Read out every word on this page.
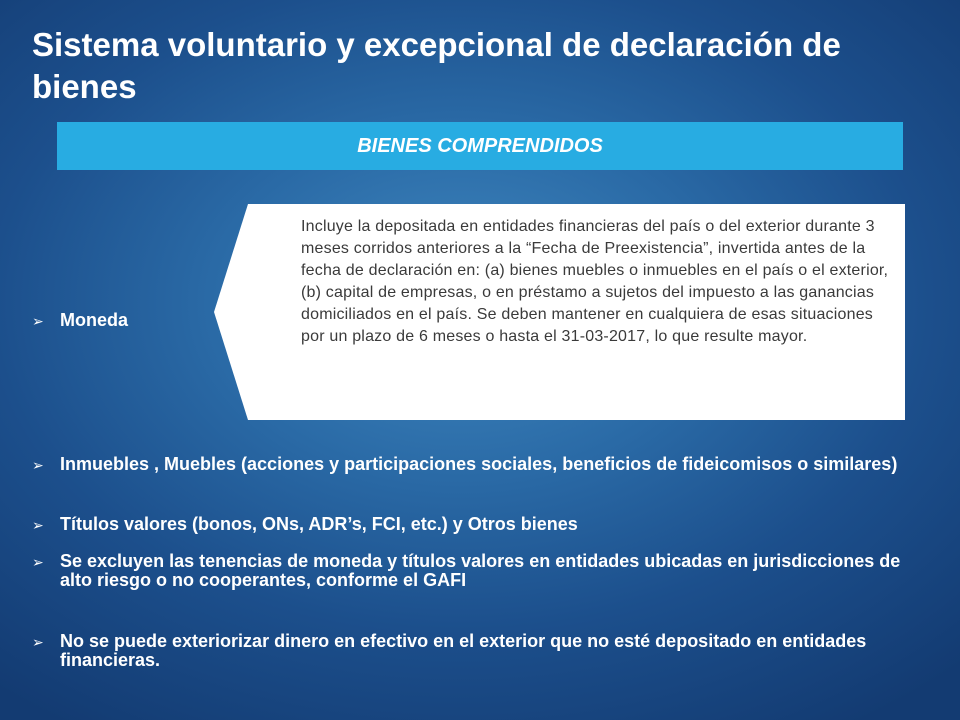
Sistema voluntario y excepcional de declaración de bienes
BIENES COMPRENDIDOS
Incluye la depositada en entidades financieras del país o del exterior durante 3 meses corridos anteriores a la “Fecha de Preexistencia”, invertida antes de la fecha de declaración en: (a) bienes muebles o inmuebles en el país o el exterior, (b) capital de empresas, o en préstamo a sujetos del impuesto a las ganancias domiciliados en el país. Se deben mantener en cualquiera de esas situaciones por un plazo de 6 meses o hasta el 31-03-2017, lo que resulte mayor.
➢ Moneda
➢ Inmuebles , Muebles (acciones y participaciones sociales, beneficios de fideicomisos o similares)
➢ Títulos valores (bonos, ONs, ADR’s, FCI, etc.) y Otros bienes
➢ Se excluyen las tenencias de moneda y títulos valores en entidades ubicadas en jurisdicciones de alto riesgo o no cooperantes, conforme el GAFI
➢ No se puede exteriorizar dinero en efectivo en el exterior que no esté depositado en entidades financieras.
